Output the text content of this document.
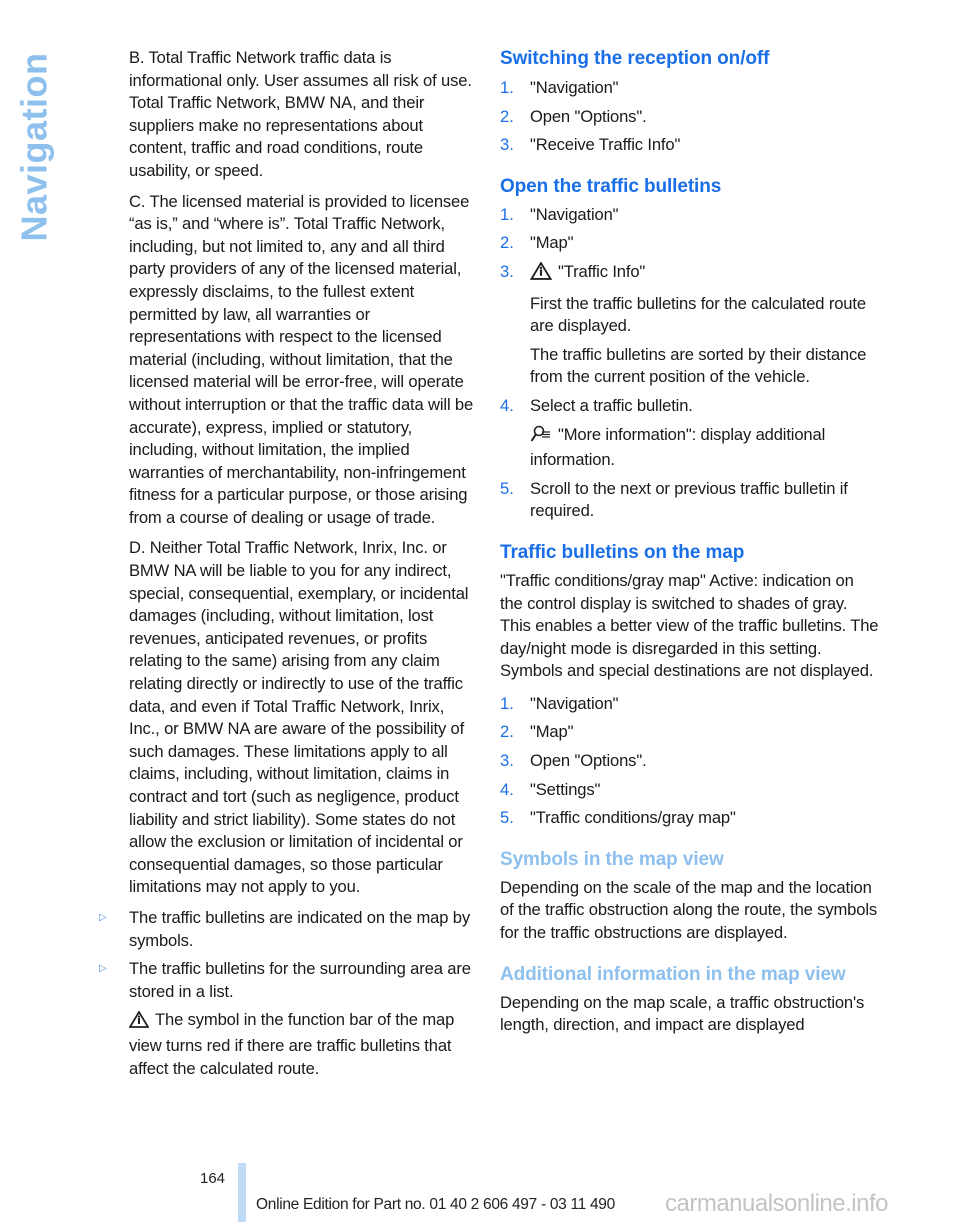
Navigation	B. Total Traffic Network traffic data is informational only. User assumes all risk of use. Total Traffic Network, BMW NA, and their suppliers make no representations about content, traffic and road conditions, route usability, or speed.

C. The licensed material is provided to licensee “as is,” and “where is”. Total Traffic Network, including, but not limited to, any and all third party providers of any of the licensed material, expressly disclaims, to the fullest extent permitted by law, all warranties or representations with respect to the licensed material (including, without limitation, that the licensed material will be error-free, will operate without interruption or that the traffic data will be accurate), express, implied or statutory, including, without limitation, the implied warranties of merchantability, non-infringement fitness for a particular purpose, or those arising from a course of dealing or usage of trade.

D. Neither Total Traffic Network, Inrix, Inc. or BMW NA will be liable to you for any indirect, special, consequential, exemplary, or incidental damages (including, without limitation, lost revenues, anticipated revenues, or profits relating to the same) arising from any claim relating directly or indirectly to use of the traffic data, and even if Total Traffic Network, Inrix, Inc., or BMW NA are aware of the possibility of such damages. These limitations apply to all claims, including, without limitation, claims in contract and tort (such as negligence, product liability and strict liability). Some states do not allow the exclusion or limitation of incidental or consequential damages, so those particular limitations may not apply to you.

▷	The traffic bulletins are indicated on the map by symbols.
▷	The traffic bulletins for the surrounding area are stored in a list.

The symbol in the function bar of the map view turns red if there are traffic bulletins that affect the calculated route.

Switching the reception on/off
1. "Navigation"
2. Open "Options".
3. "Receive Traffic Info"
Open the traffic bulletins
1. "Navigation"
2. "Map"
3.	"Traffic Info"

First the traffic bulletins for the calculated route are displayed.

The traffic bulletins are sorted by their distance from the current position of the vehicle.

4. Select a traffic bulletin.

"More information": display additional information.

5. Scroll to the next or previous traffic bulletin if required.
Traffic bulletins on the map

"Traffic conditions/gray map" Active: indication on the control display is switched to shades of gray. This enables a better view of the traffic bulletins. The day/night mode is disregarded in this setting. Symbols and special destinations are not displayed.

1. "Navigation"
2. "Map"
3. Open "Options".
4. "Settings"
5. "Traffic conditions/gray map"
Symbols in the map view

Depending on the scale of the map and the location of the traffic obstruction along the route, the symbols for the traffic obstructions are displayed.

Additional information in the map view

Depending on the map scale, a traffic obstruction's length, direction, and impact are displayed

164
Online Edition for Part no. 01 40 2 606 497 - 03 11 490 carmanualsonline.info
